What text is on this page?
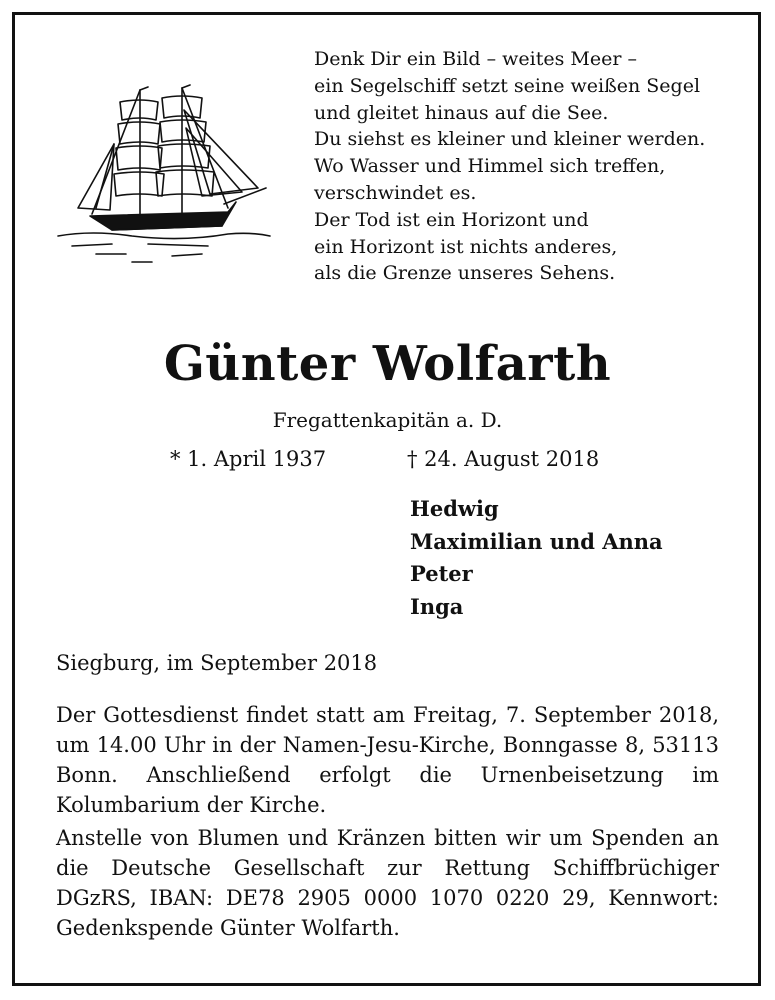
Denk Dir ein Bild – weites Meer –
ein Segelschiff setzt seine weißen Segel
und gleitet hinaus auf die See.
Du siehst es kleiner und kleiner werden.
Wo Wasser und Himmel sich treffen,
verschwindet es.
Der Tod ist ein Horizont und
ein Horizont ist nichts anderes,
als die Grenze unseres Sehens.
Günter Wolfarth
Fregattenkapitän a. D.
* 1. April 1937	† 24. August 2018
Hedwig
Maximilian und Anna
Peter
Inga
Siegburg, im September 2018
Der Gottesdienst findet statt am Freitag, 7. September 2018, um 14.00 Uhr in der Namen-Jesu-Kirche, Bonngasse 8, 53113 Bonn. Anschließend erfolgt die Urnenbeisetzung im Kolumbarium der Kirche.
Anstelle von Blumen und Kränzen bitten wir um Spenden an die Deutsche Gesellschaft zur Rettung Schiffbrüchiger DGzRS, IBAN: DE78 2905 0000 1070 0220 29, Kennwort: Gedenkspende Günter Wolfarth.
